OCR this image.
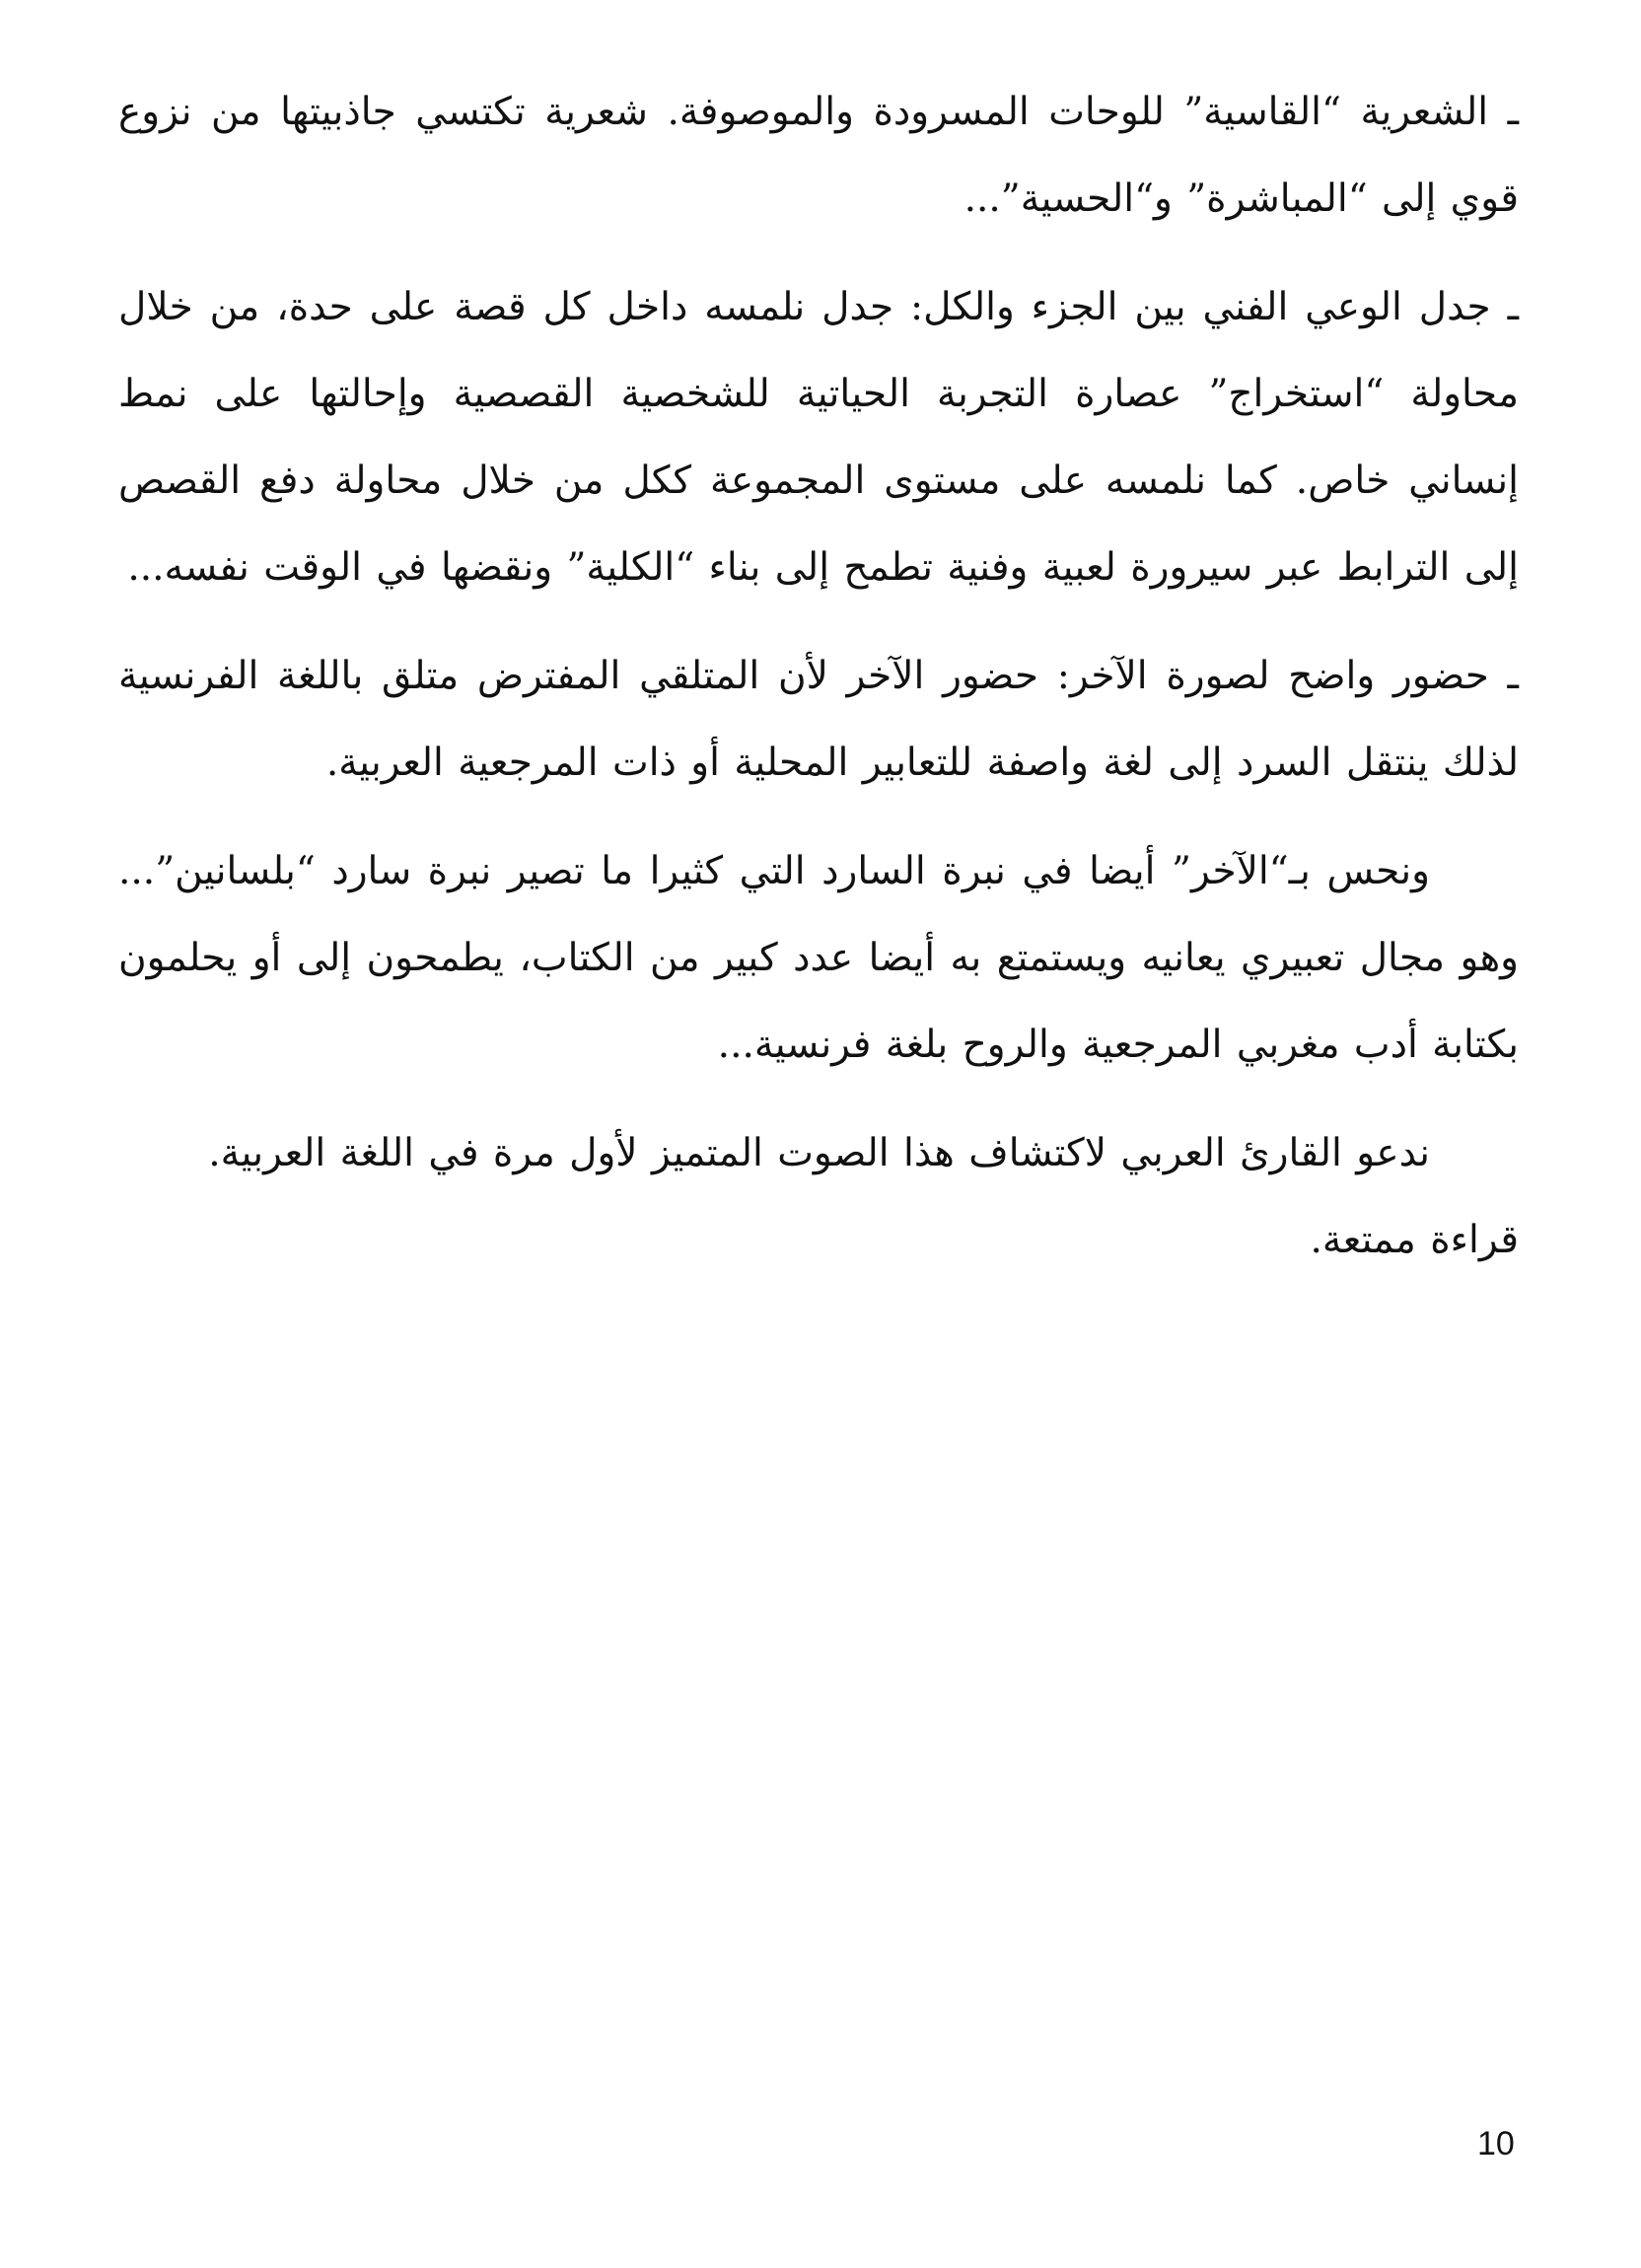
ـ الشعرية “القاسية” للوحات المسرودة والموصوفة. شعرية تكتسي جاذبيتها من نزوع قوي إلى “المباشرة” و“الحسية”...

ـ جدل الوعي الفني بين الجزء والكل: جدل نلمسه داخل كل قصة على حدة، من خلال محاولة “استخراج” عصارة التجربة الحياتية للشخصية القصصية وإحالتها على نمط إنساني خاص. كما نلمسه على مستوى المجموعة ككل من خلال محاولة دفع القصص إلى الترابط عبر سيرورة لعبية وفنية تطمح إلى بناء “الكلية” ونقضها في الوقت نفسه...

ـ حضور واضح لصورة الآخر: حضور الآخر لأن المتلقي المفترض متلق باللغة الفرنسية لذلك ينتقل السرد إلى لغة واصفة للتعابير المحلية أو ذات المرجعية العربية.

ونحس بـ“الآخر” أيضا في نبرة السارد التي كثيرا ما تصير نبرة سارد “بلسانين”... وهو مجال تعبيري يعانيه ويستمتع به أيضا عدد كبير من الكتاب، يطمحون إلى أو يحلمون بكتابة أدب مغربي المرجعية والروح بلغة فرنسية...

ندعو القارئ العربي لاكتشاف هذا الصوت المتميز لأول مرة في اللغة العربية.

قراءة ممتعة.

10
